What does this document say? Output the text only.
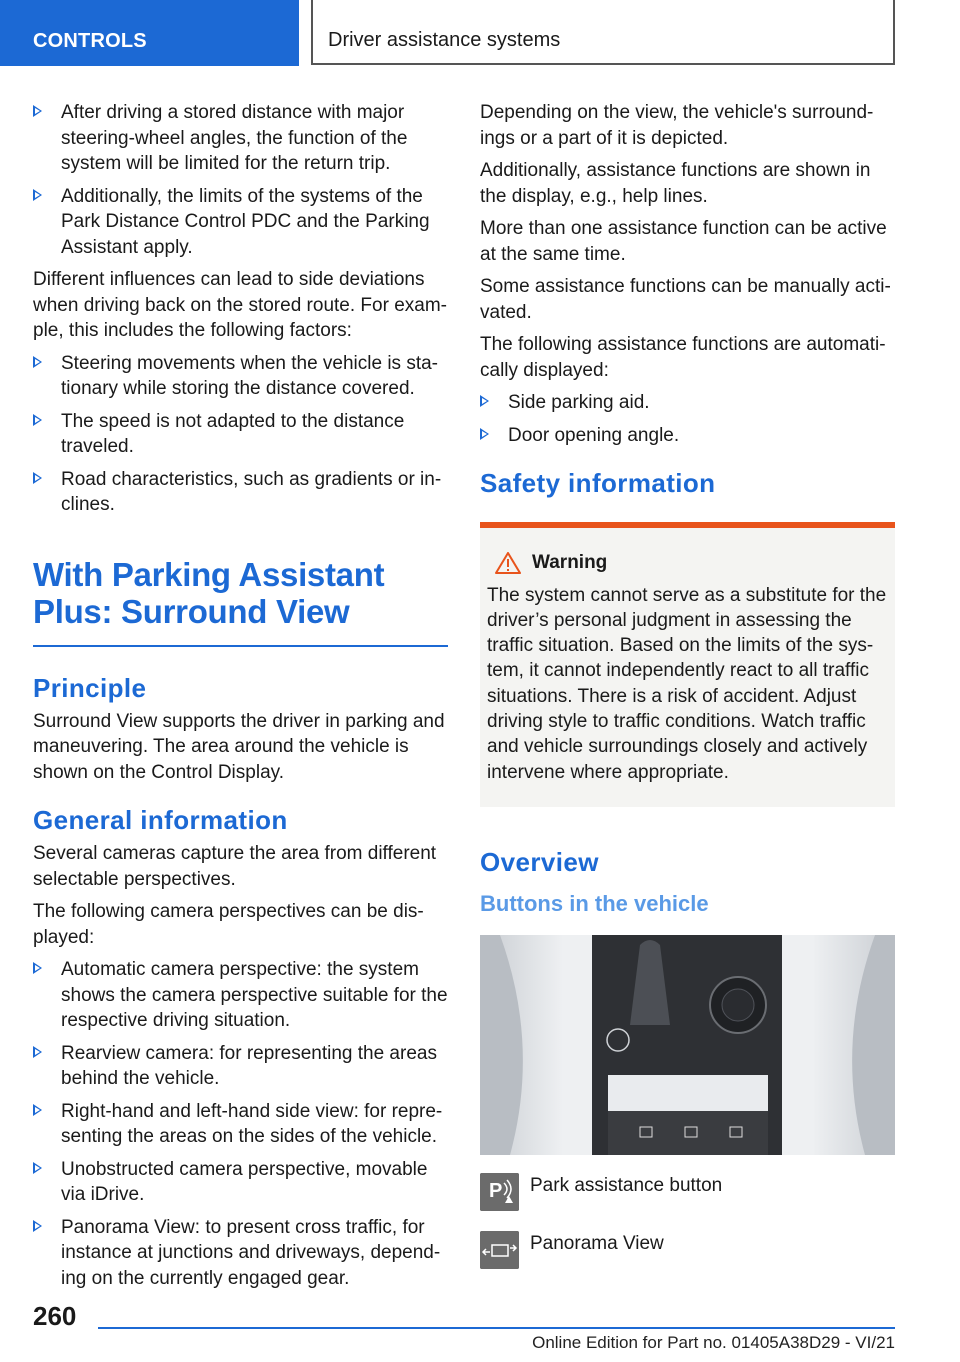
CONTROLS	Driver assistance systems
After driving a stored distance with major steering-wheel angles, the function of the system will be limited for the return trip.
Additionally, the limits of the systems of the Park Distance Control PDC and the Parking Assistant apply.

Different influences can lead to side deviations when driving back on the stored route. For exam-ple, this includes the following factors:

Steering movements when the vehicle is sta-tionary while storing the distance covered.
The speed is not adapted to the distance traveled.
Road characteristics, such as gradients or in-clines.
With Parking Assistant
Plus: Surround View
Principle

Surround View supports the driver in parking and maneuvering. The area around the vehicle is shown on the Control Display.

General information

Several cameras capture the area from different selectable perspectives.

The following camera perspectives can be dis-played:

Automatic camera perspective: the system shows the camera perspective suitable for the respective driving situation.
Rearview camera: for representing the areas behind the vehicle.
Right-hand and left-hand side view: for repre-senting the areas on the sides of the vehicle.
Unobstructed camera perspective, movable via iDrive.
Panorama View: to present cross traffic, for instance at junctions and driveways, depend-ing on the currently engaged gear.

Depending on the view, the vehicle's surround-ings or a part of it is depicted.

Additionally, assistance functions are shown in the display, e.g., help lines.

More than one assistance function can be active at the same time.

Some assistance functions can be manually acti-vated.

The following assistance functions are automati-cally displayed:

Side parking aid.
Door opening angle.
Safety information
Warning

The system cannot serve as a substitute for the driver’s personal judgment in assessing the traffic situation. Based on the limits of the sys-tem, it cannot independently react to all traffic situations. There is a risk of accident. Adjust driving style to traffic conditions. Watch traffic and vehicle surroundings closely and actively intervene where appropriate.

Overview
Buttons in the vehicle
P Park assistance button
Panorama View
260
Online Edition for Part no. 01405A38D29 - VI/21
